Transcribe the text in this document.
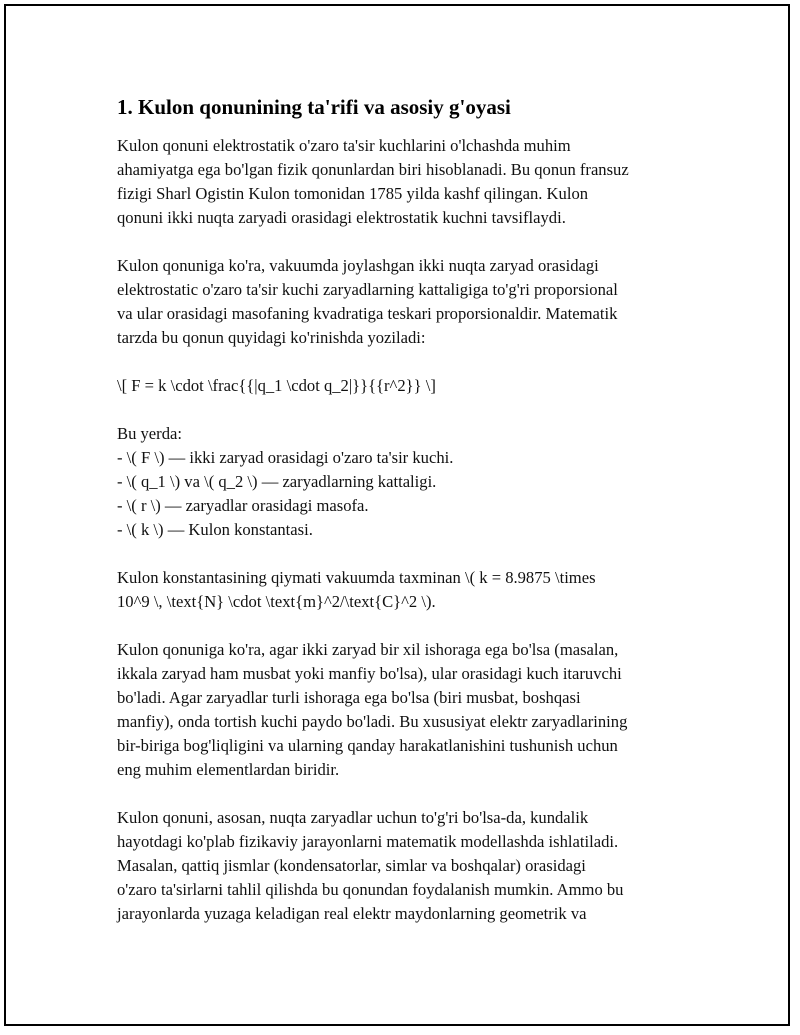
1. Kulon qonunining ta'rifi va asosiy g'oyasi

Kulon qonuni elektrostatik o'zaro ta'sir kuchlarini o'lchashda muhim
ahamiyatga ega bo'lgan fizik qonunlardan biri hisoblanadi. Bu qonun fransuz
fizigi Sharl Ogistin Kulon tomonidan 1785 yilda kashf qilingan. Kulon
qonuni ikki nuqta zaryadi orasidagi elektrostatik kuchni tavsiflaydi.

Kulon qonuniga ko'ra, vakuumda joylashgan ikki nuqta zaryad orasidagi
elektrostatic o'zaro ta'sir kuchi zaryadlarning kattaligiga to'g'ri proporsional
va ular orasidagi masofaning kvadratiga teskari proporsionaldir. Matematik
tarzda bu qonun quyidagi ko'rinishda yoziladi:

\[ F = k \cdot \frac{{|q_1 \cdot q_2|}}{{r^2}} \]

Bu yerda:
- \( F \) — ikki zaryad orasidagi o'zaro ta'sir kuchi.
- \( q_1 \) va \( q_2 \) — zaryadlarning kattaligi.
- \( r \) — zaryadlar orasidagi masofa.
- \( k \) — Kulon konstantasi.

Kulon konstantasining qiymati vakuumda taxminan \( k = 8.9875 \times
10^9 \, \text{N} \cdot \text{m}^2/\text{C}^2 \).

Kulon qonuniga ko'ra, agar ikki zaryad bir xil ishoraga ega bo'lsa (masalan,
ikkala zaryad ham musbat yoki manfiy bo'lsa), ular orasidagi kuch itaruvchi
bo'ladi. Agar zaryadlar turli ishoraga ega bo'lsa (biri musbat, boshqasi
manfiy), onda tortish kuchi paydo bo'ladi. Bu xususiyat elektr zaryadlarining
bir-biriga bog'liqligini va ularning qanday harakatlanishini tushunish uchun
eng muhim elementlardan biridir.

Kulon qonuni, asosan, nuqta zaryadlar uchun to'g'ri bo'lsa-da, kundalik
hayotdagi ko'plab fizikaviy jarayonlarni matematik modellashda ishlatiladi.
Masalan, qattiq jismlar (kondensatorlar, simlar va boshqalar) orasidagi
o'zaro ta'sirlarni tahlil qilishda bu qonundan foydalanish mumkin. Ammo bu
jarayonlarda yuzaga keladigan real elektr maydonlarning geometrik va
